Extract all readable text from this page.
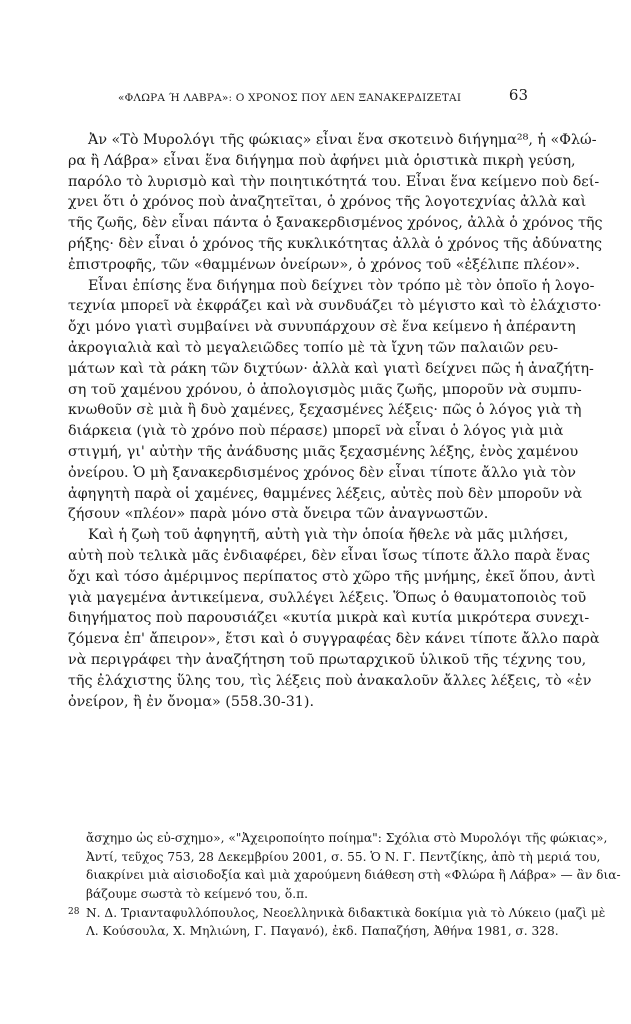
«ΦΛΩΡΑ Ή ΛΑΒΡΑ»: Ο ΧΡΟΝΟΣ ΠΟΥ ΔΕΝ ΞΑΝΑΚΕΡΔΙΖΕΤΑΙ	63
Ἀν «Τὸ Μυρολόγι τῆς φώκιας» εἶναι ἕνα σκοτεινὸ διήγημα²⁸, ἡ «Φλώ-
ρα ἢ Λάβρα» εἶναι ἕνα διήγημα ποὺ ἀφήνει μιὰ ὁριστικὰ πικρὴ γεύση,
παρόλο τὸ λυρισμὸ καὶ τὴν ποιητικότητά του. Εἶναι ἕνα κείμενο ποὺ δεί-
χνει ὅτι ὁ χρόνος ποὺ ἀναζητεῖται, ὁ χρόνος τῆς λογοτεχνίας ἀλλὰ καὶ
τῆς ζωῆς, δὲν εἶναι πάντα ὁ ξανακερδισμένος χρόνος, ἀλλὰ ὁ χρόνος τῆς
ρήξης· δὲν εἶναι ὁ χρόνος τῆς κυκλικότητας ἀλλὰ ὁ χρόνος τῆς ἀδύνατης
ἐπιστροφῆς, τῶν «θαμμένων ὀνείρων», ὁ χρόνος τοῦ «ἐξέλιπε πλέον».
Εἶναι ἐπίσης ἕνα διήγημα ποὺ δείχνει τὸν τρόπο μὲ τὸν ὁποῖο ἡ λογο-
τεχνία μπορεῖ νὰ ἐκφράζει καὶ νὰ συνδυάζει τὸ μέγιστο καὶ τὸ ἐλάχιστο·
ὄχι μόνο γιατὶ συμβαίνει νὰ συνυπάρχουν σὲ ἕνα κείμενο ἡ ἀπέραντη
ἀκρογιαλιὰ καὶ τὸ μεγαλειῶδες τοπίο μὲ τὰ ἴχνη τῶν παλαιῶν ρευ-
μάτων καὶ τὰ ράκη τῶν διχτύων· ἀλλὰ καὶ γιατὶ δείχνει πῶς ἡ ἀναζήτη-
ση τοῦ χαμένου χρόνου, ὁ ἀπολογισμὸς μιᾶς ζωῆς, μποροῦν νὰ συμπυ-
κνωθοῦν σὲ μιὰ ἢ δυὸ χαμένες, ξεχασμένες λέξεις· πῶς ὁ λόγος γιὰ τὴ
διάρκεια (γιὰ τὸ χρόνο ποὺ πέρασε) μπορεῖ νὰ εἶναι ὁ λόγος γιὰ μιὰ
στιγμή, γι' αὐτὴν τῆς ἀνάδυσης μιᾶς ξεχασμένης λέξης, ἑνὸς χαμένου
ὀνείρου. Ὁ μὴ ξανακερδισμένος χρόνος δὲν εἶναι τίποτε ἄλλο γιὰ τὸν
ἀφηγητὴ παρὰ οἱ χαμένες, θαμμένες λέξεις, αὐτὲς ποὺ δὲν μποροῦν νὰ
ζήσουν «πλέον» παρὰ μόνο στὰ ὄνειρα τῶν ἀναγνωστῶν.
Καὶ ἡ ζωὴ τοῦ ἀφηγητῆ, αὐτὴ γιὰ τὴν ὁποία ἤθελε νὰ μᾶς μιλήσει,
αὐτὴ ποὺ τελικὰ μᾶς ἐνδιαφέρει, δὲν εἶναι ἴσως τίποτε ἄλλο παρὰ ἕνας
ὄχι καὶ τόσο ἀμέριμνος περίπατος στὸ χῶρο τῆς μνήμης, ἐκεῖ ὅπου, ἀντὶ
γιὰ μαγεμένα ἀντικείμενα, συλλέγει λέξεις. Ὅπως ὁ θαυματοποιὸς τοῦ
διηγήματος ποὺ παρουσιάζει «κυτία μικρὰ καὶ κυτία μικρότερα συνεχι-
ζόμενα ἐπ' ἄπειρον», ἔτσι καὶ ὁ συγγραφέας δὲν κάνει τίποτε ἄλλο παρὰ
νὰ περιγράφει τὴν ἀναζήτηση τοῦ πρωταρχικοῦ ὑλικοῦ τῆς τέχνης του,
τῆς ἐλάχιστης ὕλης του, τὶς λέξεις ποὺ ἀνακαλοῦν ἄλλες λέξεις, τὸ «ἐν
ὀνείρον, ἢ ἐν ὄνομα» (558.30-31).
ἄσχημο ὡς εὐ-σχημο», «"Ἀχειροποίητο ποίημα": Σχόλια στὸ Μυρολόγι τῆς φώκιας»,
Ἀντί, τεῦχος 753, 28 Δεκεμβρίου 2001, σ. 55. Ὁ Ν. Γ. Πεντζίκης, ἀπὸ τὴ μεριά του,
διακρίνει μιὰ αἰσιοδοξία καὶ μιὰ χαρούμενη διάθεση στὴ «Φλώρα ἢ Λάβρα» — ἂν δια-
βάζουμε σωστὰ τὸ κείμενό του, ὅ.π.
28 Ν. Δ. Τριανταφυλλόπουλος, Νεοελληνικὰ διδακτικὰ δοκίμια γιὰ τὸ Λύκειο (μαζὶ μὲ
Λ. Κούσουλα, Χ. Μηλιώνη, Γ. Παγανό), ἐκδ. Παπαζήση, Ἀθήνα 1981, σ. 328.
